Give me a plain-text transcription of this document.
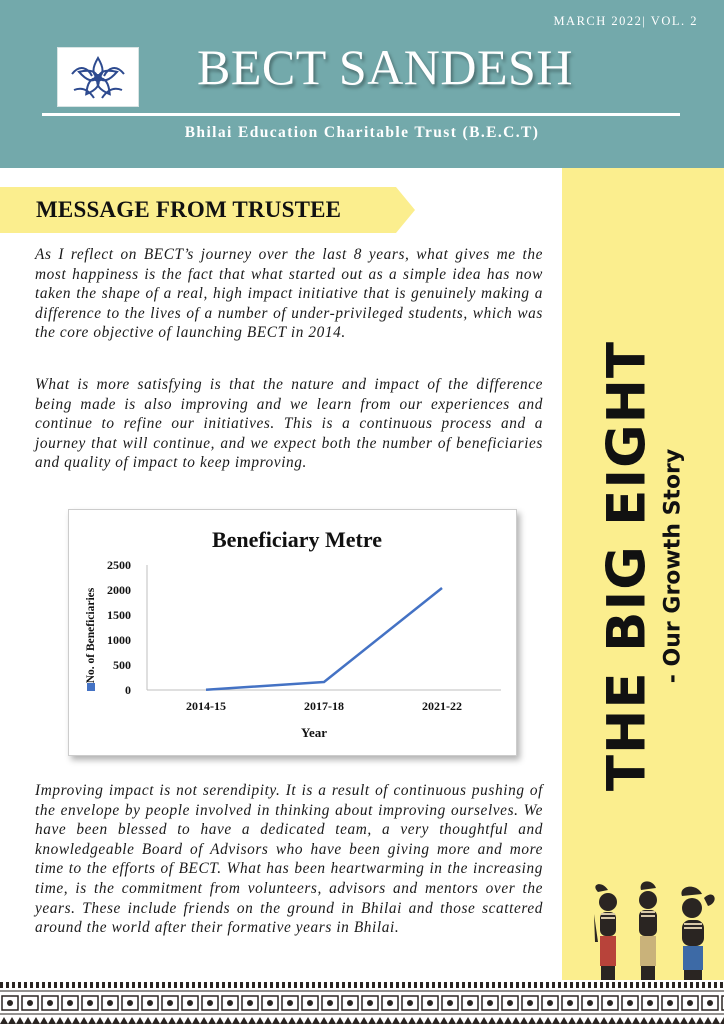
MARCH 2022| VOL. 2
BECT SANDESH
Bhilai Education Charitable Trust (B.E.C.T)
THE BIG EIGHT - Our Growth Story
MESSAGE FROM TRUSTEE

As I reflect on BECT’s journey over the last 8 years, what gives me the most happiness is the fact that what started out as a simple idea has now taken the shape of a real, high impact initiative that is genuinely making a difference to the lives of a number of under-privileged students, which was the core objective of launching BECT in 2014.

What is more satisfying is that the nature and impact of the difference being made is also improving and we learn from our experiences and continue to refine our initiatives. This is a continuous process and a journey that will continue, and we expect both the number of beneficiaries and quality of impact to keep improving.

Beneficiary Metre
0
500
1000
1500
2000
2500
2014-15	2017-18	2021-22
No. of Beneficiaries
Year

Improving impact is not serendipity. It is a result of continuous pushing of the envelope by people involved in thinking about improving ourselves. We have been blessed to have a dedicated team, a very thoughtful and knowledgeable Board of Advisors who have been giving more and more time to the efforts of BECT. What has been heartwarming in the increasing time, is the commitment from volunteers, advisors and mentors over the years. These include friends on the ground in Bhilai and those scattered around the world after their formative years in Bhilai.
